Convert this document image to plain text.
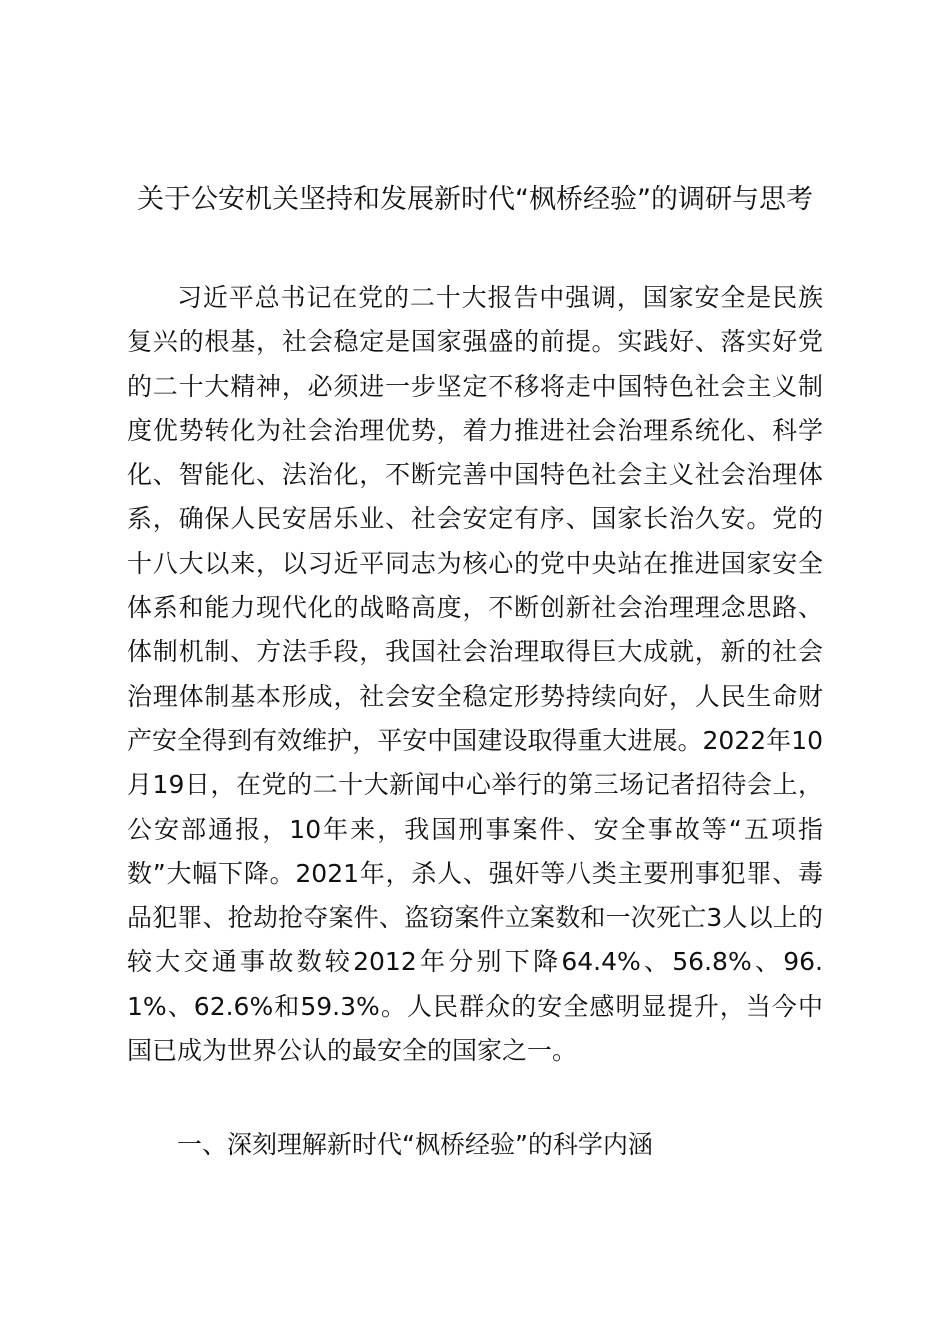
关于公安机关坚持和发展新时代“枫桥经验”的调研与思考

习近平总书记在党的二十大报告中强调，国家安全是民族复兴的根基，社会稳定是国家强盛的前提。实践好、落实好党的二十大精神，必须进一步坚定不移将走中国特色社会主义制度优势转化为社会治理优势，着力推进社会治理系统化、科学化、智能化、法治化，不断完善中国特色社会主义社会治理体系，确保人民安居乐业、社会安定有序、国家长治久安。党的十八大以来，以习近平同志为核心的党中央站在推进国家安全体系和能力现代化的战略高度，不断创新社会治理理念思路、体制机制、方法手段，我国社会治理取得巨大成就，新的社会治理体制基本形成，社会安全稳定形势持续向好，人民生命财产安全得到有效维护，平安中国建设取得重大进展。2022年10月19日，在党的二十大新闻中心举行的第三场记者招待会上，公安部通报，10年来，我国刑事案件、安全事故等“五项指数”大幅下降。2021年，杀人、强奸等八类主要刑事犯罪、毒品犯罪、抢劫抢夺案件、盗窃案件立案数和一次死亡3人以上的较大交通事故数较2012年分别下降64.4%、56.8%、96.1%、62.6%和59.3%。人民群众的安全感明显提升，当今中国已成为世界公认的最安全的国家之一。

一、深刻理解新时代“枫桥经验”的科学内涵
